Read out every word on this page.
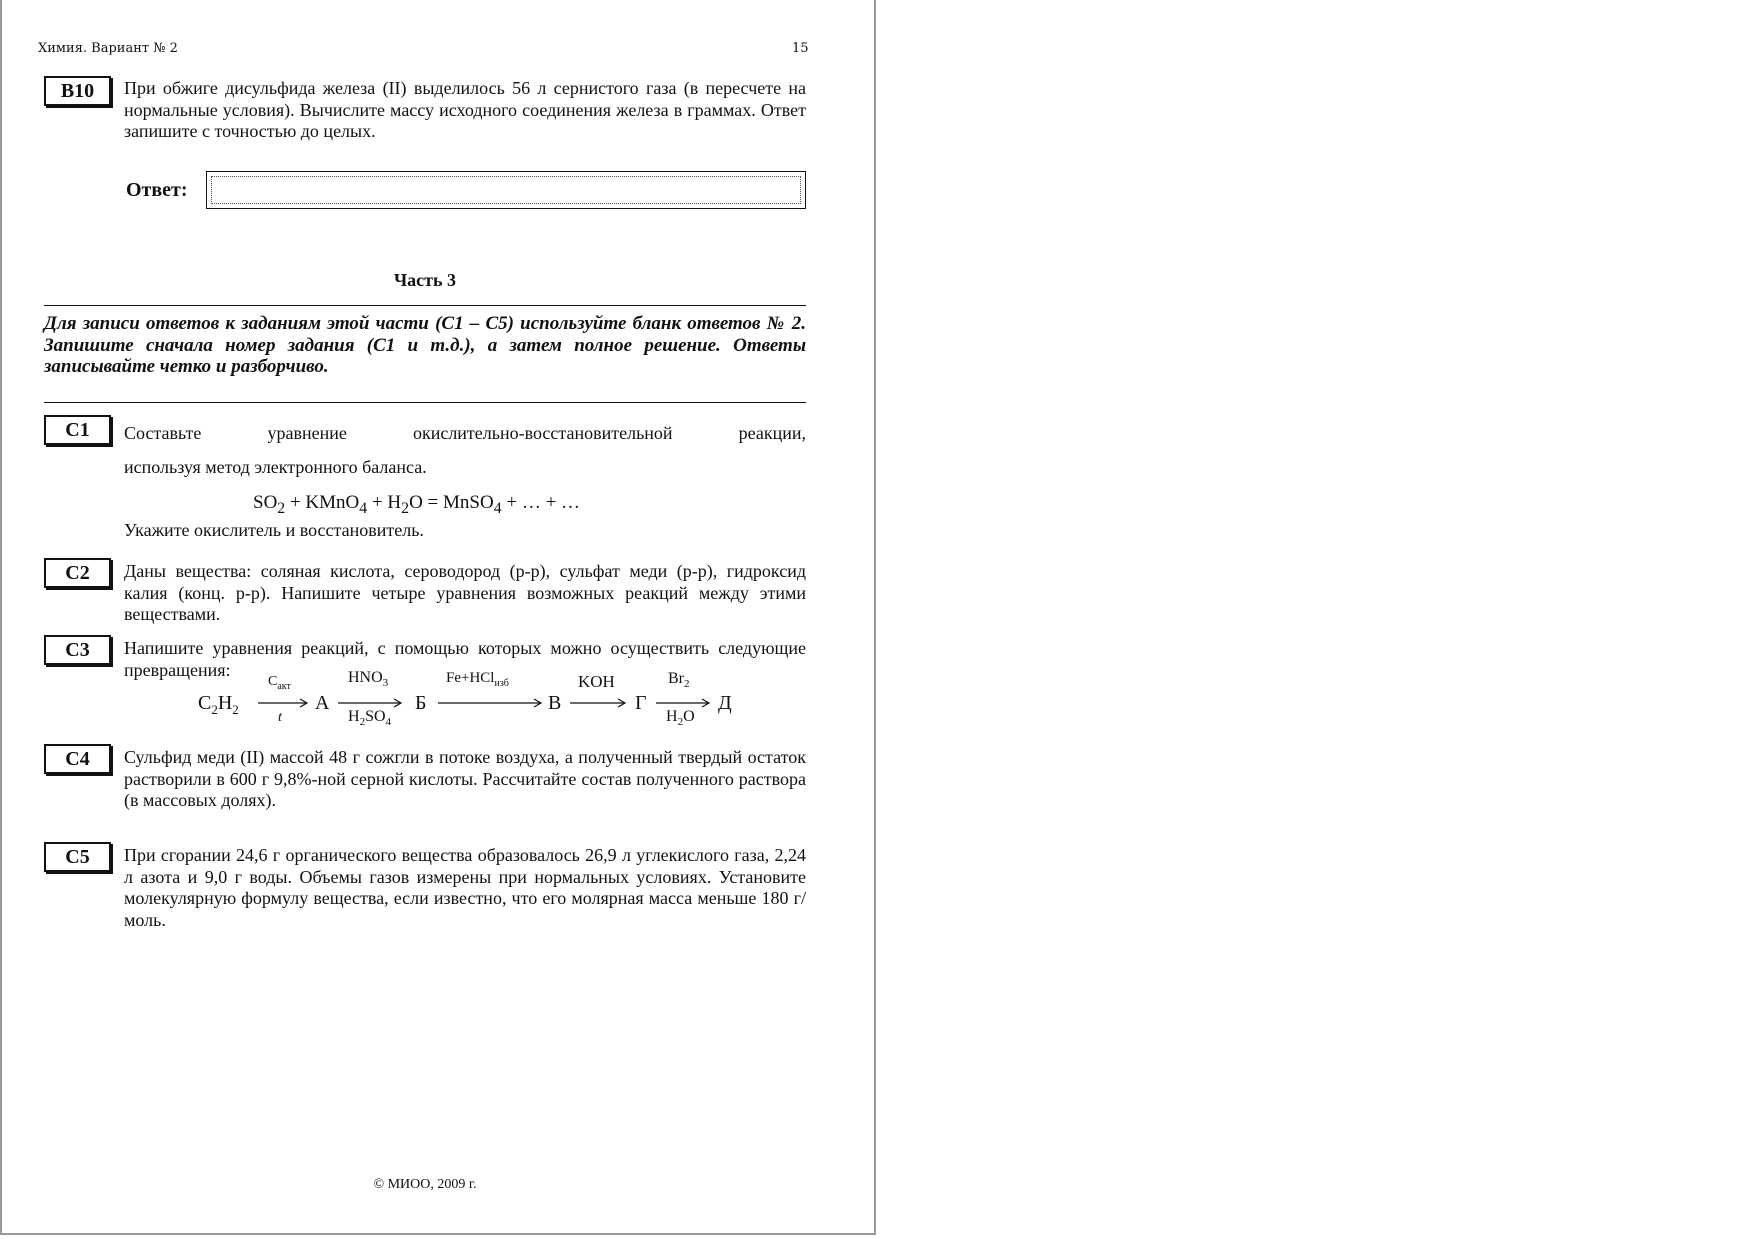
Химия. Вариант № 2	15
B10	При обжиге дисульфида железа (II) выделилось 56 л сернистого газа (в пересчете на нормальные условия). Вычислите массу исходного соединения железа в граммах. Ответ запишите с точностью до целых.
Ответ:
Часть 3
Для записи ответов к заданиям этой части (С1 – С5) используйте бланк ответов № 2. Запишите сначала номер задания (С1 и т.д.), а затем полное решение. Ответы записывайте четко и разборчиво.
C1	Составьте уравнение окислительно-восстановительной реакции,
используя метод электронного баланса.
$SO_2$ + KMnO$_4$ + $H_2O$ = MnSO$_4$ + … + …
Укажите окислитель и восстановитель.
C2	Даны вещества: соляная кислота, сероводород (р-р), сульфат меди (р-р), гидроксид калия (конц. р-р). Напишите четыре уравнения возможных реакций между этими веществами.
C3	Напишите уравнения реакций, с помощью которых можно осуществить следующие превращения:
$C_2H_2$
$C_{акт}$
t
А
$HNO_3$
$H_2SO_4$
Б
Fe+HCl$_{изб}$
В
KOH
Г
$Br_2$
$H_2O$
Д
C4	Сульфид меди (II) массой 48 г сожгли в потоке воздуха, а полученный твердый остаток растворили в 600 г 9,8%-ной серной кислоты. Рассчитайте состав полученного раствора (в массовых долях).
C5	При сгорании 24,6 г органического вещества образовалось 26,9 л углекислого газа, 2,24 л азота и 9,0 г воды. Объемы газов измерены при нормальных условиях. Установите молекулярную формулу вещества, если известно, что его молярная масса меньше 180 г/моль.
© МИОО, 2009 г.
